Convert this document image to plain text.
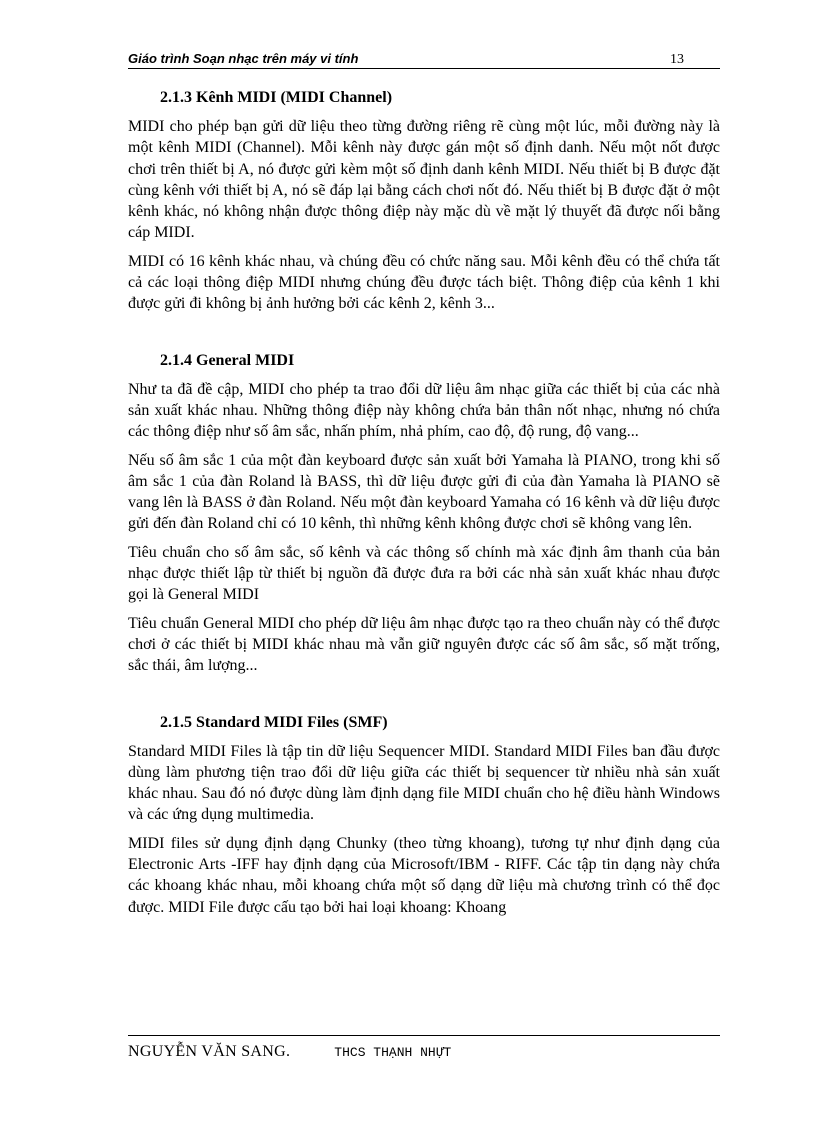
Giáo trình Soạn nhạc trên máy vi tính	13
2.1.3 Kênh MIDI (MIDI Channel)

MIDI cho phép bạn gửi dữ liệu theo từng đường riêng rẽ cùng một lúc, mỗi đường này là một kênh MIDI (Channel). Mỗi kênh này được gán một số định danh. Nếu một nốt được chơi trên thiết bị A, nó được gửi kèm một số định danh kênh MIDI. Nếu thiết bị B được đặt cùng kênh với thiết bị A, nó sẽ đáp lại bằng cách chơi nốt đó. Nếu thiết bị B được đặt ở một kênh khác, nó không nhận được thông điệp này mặc dù về mặt lý thuyết đã được nối bằng cáp MIDI.

MIDI có 16 kênh khác nhau, và chúng đều có chức năng sau. Mỗi kênh đều có thể chứa tất cả các loại thông điệp MIDI nhưng chúng đều được tách biệt. Thông điệp của kênh 1 khi được gửi đi không bị ảnh hưởng bởi các kênh 2, kênh 3...

2.1.4 General MIDI

Như ta đã đề cập, MIDI cho phép ta trao đổi dữ liệu âm nhạc giữa các thiết bị của các nhà sản xuất khác nhau. Những thông điệp này không chứa bản thân nốt nhạc, nhưng nó chứa các thông điệp như số âm sắc, nhấn phím, nhả phím, cao độ, độ rung, độ vang...

Nếu số âm sắc 1 của một đàn keyboard được sản xuất bởi Yamaha là PIANO, trong khi số âm sắc 1 của đàn Roland là BASS, thì dữ liệu được gửi đi của đàn Yamaha là PIANO sẽ vang lên là BASS ở đàn Roland. Nếu một đàn keyboard Yamaha có 16 kênh và dữ liệu được gửi đến đàn Roland chỉ có 10 kênh, thì những kênh không được chơi sẽ không vang lên.

Tiêu chuẩn cho số âm sắc, số kênh và các thông số chính mà xác định âm thanh của bản nhạc được thiết lập từ thiết bị nguồn đã được đưa ra bởi các nhà sản xuất khác nhau được gọi là General MIDI

Tiêu chuẩn General MIDI cho phép dữ liệu âm nhạc được tạo ra theo chuẩn này có thể được chơi ở các thiết bị MIDI khác nhau mà vẫn giữ nguyên được các số âm sắc, số mặt trống, sắc thái, âm lượng...

2.1.5 Standard MIDI Files (SMF)

Standard MIDI Files là tập tin dữ liệu Sequencer MIDI. Standard MIDI Files ban đầu được dùng làm phương tiện trao đổi dữ liệu giữa các thiết bị sequencer từ nhiều nhà sản xuất khác nhau. Sau đó nó được dùng làm định dạng file MIDI chuẩn cho hệ điều hành Windows và các ứng dụng multimedia.

MIDI files sử dụng định dạng Chunky (theo từng khoang), tương tự như định dạng của Electronic Arts -IFF hay định dạng của Microsoft/IBM - RIFF. Các tập tin dạng này chứa các khoang khác nhau, mỗi khoang chứa một số dạng dữ liệu mà chương trình có thể đọc được. MIDI File được cấu tạo bởi hai loại khoang: Khoang

NGUYỄN VĂN SANG.	THCS THẠNH NHỰT
